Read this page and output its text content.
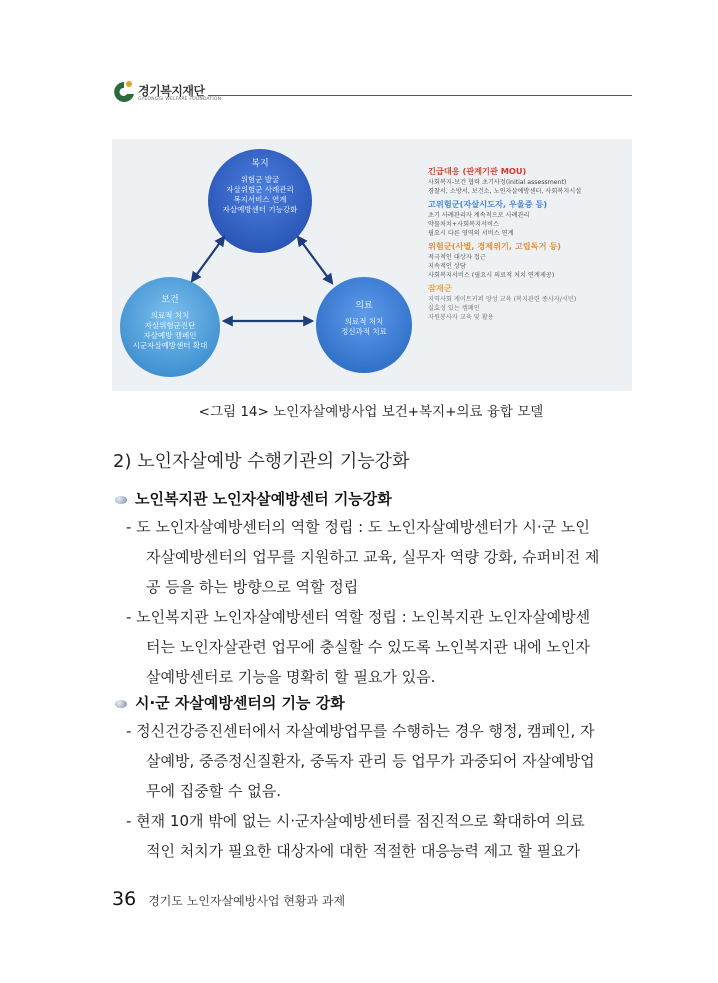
경기복지재단
GYEONGGI WELFARE FOUNDATION
복지
위험군 발굴
자살위험군 사례관리
복지서비스 연계
자살예방센터 기능강화
보건
의료적 처치
자살위험군진단
자살예방 캠페인
시군자살예방센터 확대
의료
의료적 처치
정신과적 치료
긴급대응 (관계기관 MOU)
사회복지-보건 협력 초기사정(initial assessment)
경찰서, 소방서, 보건소, 노인자살예방센터, 사회복지시설
고위험군(자살시도자, 우울증 등)
초기 사례관리자 계속적으로 사례관리
약물처치+사회복지서비스
필요시 다른 영역의 서비스 연계
위험군(사별, 경제위기, 고립독거 등)
적극적인 대상자 접근
지속적인 상담
사회복지서비스 (필요시 의료적 처치 연계제공)
잠재군
지역사회 게이트키퍼 양성 교육 (복지관련 종사자/시민)
실효성 있는 캠페인
자원봉사자 교육 및 활용
<그림 14> 노인자살예방사업 보건+복지+의료 융합 모델
2) 노인자살예방 수행기관의 기능강화
노인복지관 노인자살예방센터 기능강화
- 도 노인자살예방센터의 역할 정립 : 도 노인자살예방센터가 시·군 노인
자살예방센터의 업무를 지원하고 교육, 실무자 역량 강화, 슈퍼비전 제
공 등을 하는 방향으로 역할 정립
- 노인복지관 노인자살예방센터 역할 정립 : 노인복지관 노인자살예방센
터는 노인자살관련 업무에 충실할 수 있도록 노인복지관 내에 노인자
살예방센터로 기능을 명확히 할 필요가 있음.
시·군 자살예방센터의 기능 강화
- 정신건강증진센터에서 자살예방업무를 수행하는 경우 행정, 캠페인, 자
살예방, 중증정신질환자, 중독자 관리 등 업무가 과중되어 자살예방업
무에 집중할 수 없음.
- 현재 10개 밖에 없는 시·군자살예방센터를 점진적으로 확대하여 의료
적인 처치가 필요한 대상자에 대한 적절한 대응능력 제고 할 필요가
36 경기도 노인자살예방사업 현황과 과제
